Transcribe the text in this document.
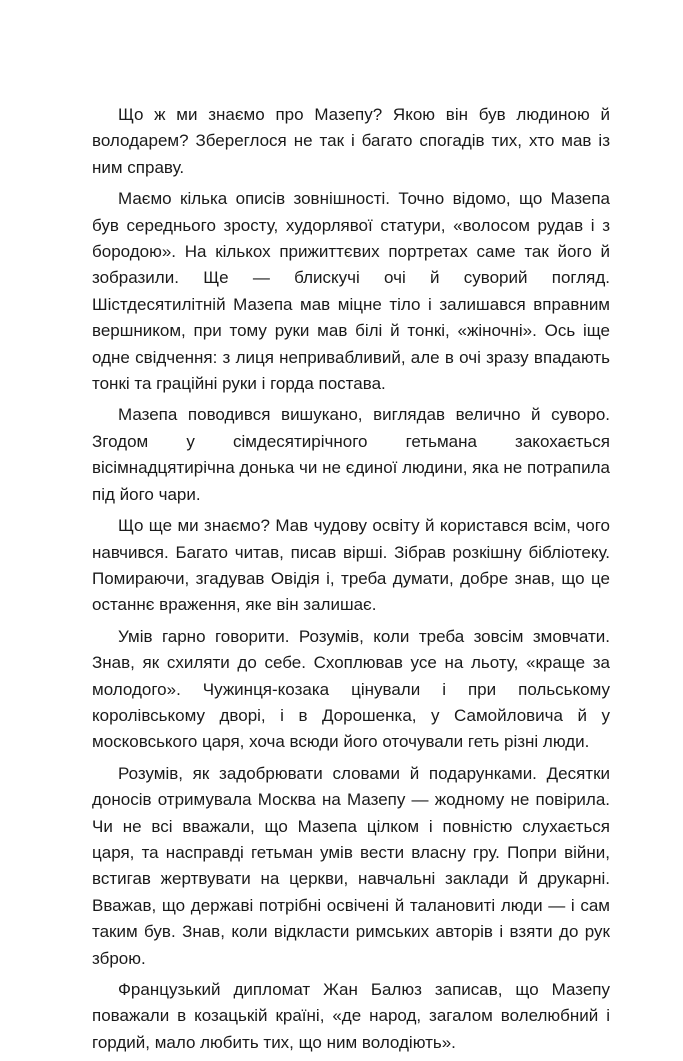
Що ж ми знаємо про Мазепу? Якою він був людиною й володарем? Збереглося не так і багато спогадів тих, хто мав із ним справу.

Маємо кілька описів зовнішності. Точно відомо, що Мазепа був середнього зросту, худорлявої статури, «волосом рудав і з бородою». На кількох прижиттєвих портретах саме так його й зобразили. Ще — блискучі очі й суворий погляд. Шістдесятилітній Мазепа мав міцне тіло і залишався вправним вершником, при тому руки мав білі й тонкі, «жіночні». Ось іще одне свідчення: з лиця непривабливий, але в очі зразу впадають тонкі та граційні руки і горда постава.

Мазепа поводився вишукано, виглядав велично й суворо. Згодом у сімдесятирічного гетьмана закохається вісімнадцятирічна донька чи не єдиної людини, яка не потрапила під його чари.

Що ще ми знаємо? Мав чудову освіту й користався всім, чого навчився. Багато читав, писав вірші. Зібрав розкішну бібліотеку. Помираючи, згадував Овідія і, треба думати, добре знав, що це останнє враження, яке він залишає.

Умів гарно говорити. Розумів, коли треба зовсім змовчати. Знав, як схиляти до себе. Схоплював усе на льоту, «краще за молодого». Чужинця-козака цінували і при польському королівському дворі, і в Дорошенка, у Самойловича й у московського царя, хоча всюди його оточували геть різні люди.

Розумів, як задобрювати словами й подарунками. Десятки доносів отримувала Москва на Мазепу — жодному не повірила. Чи не всі вважали, що Мазепа цілком і повністю слухається царя, та насправді гетьман умів вести власну гру. Попри війни, встигав жертвувати на церкви, навчальні заклади й друкарні. Вважав, що державі потрібні освічені й талановиті люди — і сам таким був. Знав, коли відкласти римських авторів і взяти до рук зброю.

Французький дипломат Жан Балюз записав, що Мазепу поважали в козацькій країні, «де народ, загалом волелюбний і гордий, мало любить тих, що ним володіють».
